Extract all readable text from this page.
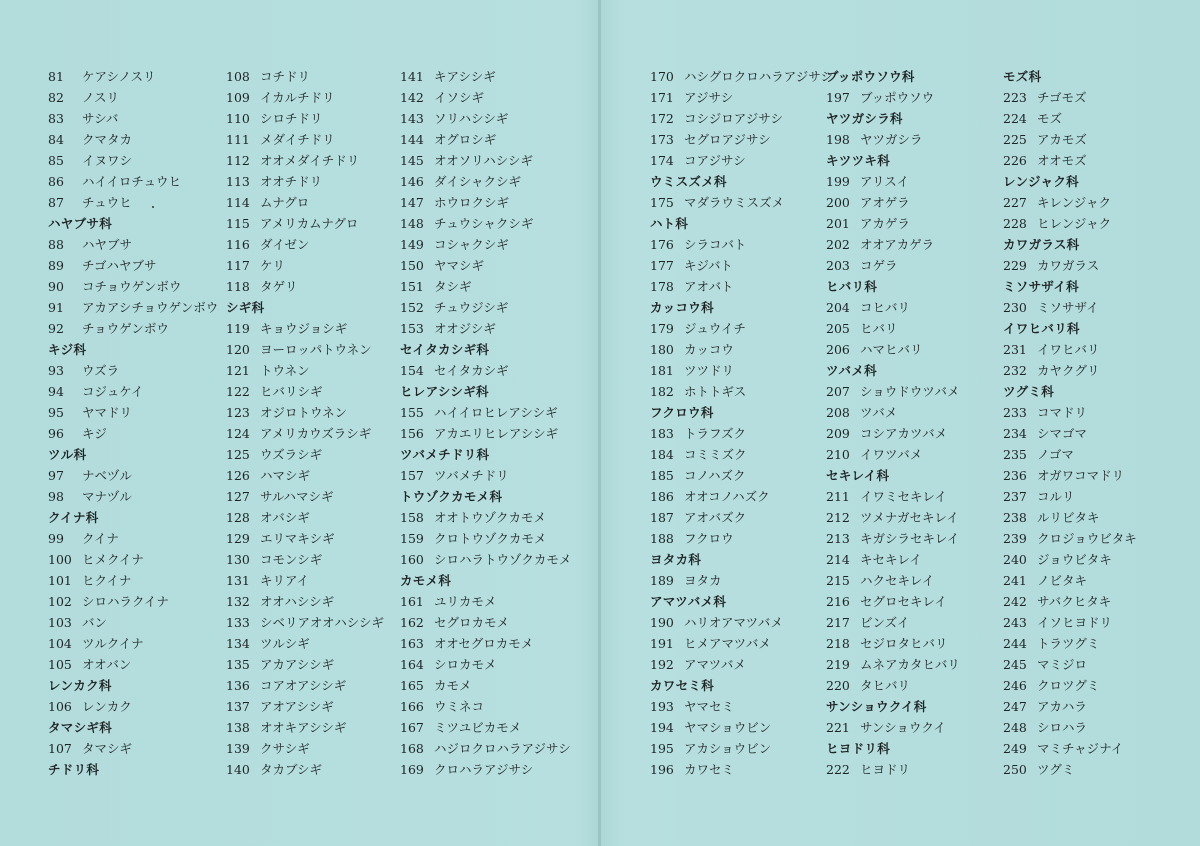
81 ケアシノスリ
82 ノスリ
83 サシバ
84 クマタカ
85 イヌワシ
86 ハイイロチュウヒ
87 チュウヒ
ハヤブサ科
88 ハヤブサ
89 チゴハヤブサ
90 コチョウゲンボウ
91 アカアシチョウゲンボウ
92 チョウゲンボウ
キジ科
93 ウズラ
94 コジュケイ
95 ヤマドリ
96 キジ
ツル科
97 ナベヅル
98 マナヅル
クイナ科
99 クイナ
100 ヒメクイナ
101 ヒクイナ
102 シロハラクイナ
103 バン
104 ツルクイナ
105 オオバン
レンカク科
106 レンカク
タマシギ科
107 タマシギ
チドリ科
108 コチドリ
109 イカルチドリ
110 シロチドリ
111 メダイチドリ
112 オオメダイチドリ
113 オオチドリ
114 ムナグロ
115 アメリカムナグロ
116 ダイゼン
117 ケリ
118 タゲリ
シギ科
119 キョウジョシギ
120 ヨーロッパトウネン
121 トウネン
122 ヒバリシギ
123 オジロトウネン
124 アメリカウズラシギ
125 ウズラシギ
126 ハマシギ
127 サルハマシギ
128 オバシギ
129 エリマキシギ
130 コモンシギ
131 キリアイ
132 オオハシシギ
133 シベリアオオハシシギ
134 ツルシギ
135 アカアシシギ
136 コアオアシシギ
137 アオアシシギ
138 オオキアシシギ
139 クサシギ
140 タカブシギ
141 キアシシギ
142 イソシギ
143 ソリハシシギ
144 オグロシギ
145 オオソリハシシギ
146 ダイシャクシギ
147 ホウロクシギ
148 チュウシャクシギ
149 コシャクシギ
150 ヤマシギ
151 タシギ
152 チュウジシギ
153 オオジシギ
セイタカシギ科
154 セイタカシギ
ヒレアシシギ科
155 ハイイロヒレアシシギ
156 アカエリヒレアシシギ
ツバメチドリ科
157 ツバメチドリ
トウゾクカモメ科
158 オオトウゾクカモメ
159 クロトウゾクカモメ
160 シロハラトウゾクカモメ
カモメ科
161 ユリカモメ
162 セグロカモメ
163 オオセグロカモメ
164 シロカモメ
165 カモメ
166 ウミネコ
167 ミツユビカモメ
168 ハジロクロハラアジサシ
169 クロハラアジサシ
170 ハシグロクロハラアジサシ
171 アジサシ
172 コシジロアジサシ
173 セグロアジサシ
174 コアジサシ
ウミスズメ科
175 マダラウミスズメ
ハト科
176 シラコバト
177 キジバト
178 アオバト
カッコウ科
179 ジュウイチ
180 カッコウ
181 ツツドリ
182 ホトトギス
フクロウ科
183 トラフズク
184 コミミズク
185 コノハズク
186 オオコノハズク
187 アオバズク
188 フクロウ
ヨタカ科
189 ヨタカ
アマツバメ科
190 ハリオアマツバメ
191 ヒメアマツバメ
192 アマツバメ
カワセミ科
193 ヤマセミ
194 ヤマショウビン
195 アカショウビン
196 カワセミ
ブッポウソウ科
197 ブッポウソウ
ヤツガシラ科
198 ヤツガシラ
キツツキ科
199 アリスイ
200 アオゲラ
201 アカゲラ
202 オオアカゲラ
203 コゲラ
ヒバリ科
204 コヒバリ
205 ヒバリ
206 ハマヒバリ
ツバメ科
207 ショウドウツバメ
208 ツバメ
209 コシアカツバメ
210 イワツバメ
セキレイ科
211 イワミセキレイ
212 ツメナガセキレイ
213 キガシラセキレイ
214 キセキレイ
215 ハクセキレイ
216 セグロセキレイ
217 ビンズイ
218 セジロタヒバリ
219 ムネアカタヒバリ
220 タヒバリ
サンショウクイ科
221 サンショウクイ
ヒヨドリ科
222 ヒヨドリ
モズ科
223 チゴモズ
224 モズ
225 アカモズ
226 オオモズ
レンジャク科
227 キレンジャク
228 ヒレンジャク
カワガラス科
229 カワガラス
ミソサザイ科
230 ミソサザイ
イワヒバリ科
231 イワヒバリ
232 カヤクグリ
ツグミ科
233 コマドリ
234 シマゴマ
235 ノゴマ
236 オガワコマドリ
237 コルリ
238 ルリビタキ
239 クロジョウビタキ
240 ジョウビタキ
241 ノビタキ
242 サバクヒタキ
243 イソヒヨドリ
244 トラツグミ
245 マミジロ
246 クロツグミ
247 アカハラ
248 シロハラ
249 マミチャジナイ
250 ツグミ
